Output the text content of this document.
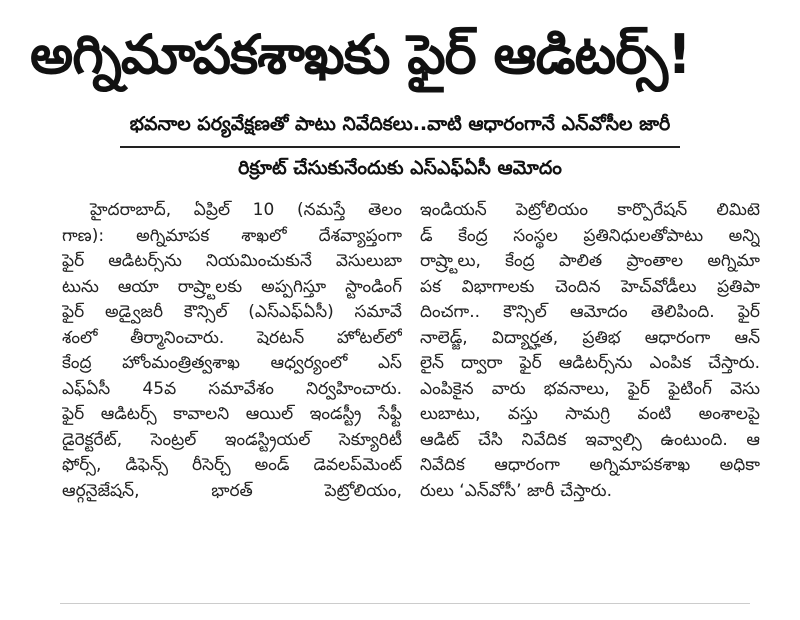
అగ్నిమాపకశాఖకు ఫైర్‌ ఆడిటర్స్‌!
భవనాల పర్యవేక్షణతో పాటు నివేదికలు..వాటి ఆధారంగానే ఎన్‌వోసీల జారీ
రిక్రూట్‌ చేసుకునేందుకు ఎస్‌ఎఫ్‌ఏసీ ఆమోదం
హైదరాబాద్‌, ఏప్రిల్‌ 10 (నమస్తే తెలం
గాణ): అగ్నిమాపక శాఖలో దేశవ్యాప్తంగా
ఫైర్‌ ఆడిటర్స్‌ను నియమించుకునే వెసులుబా
టును ఆయా రాష్ర్టాలకు అప్పగిస్తూ స్టాండింగ్‌
ఫైర్‌ అడ్వైజరీ కౌన్సిల్‌ (ఎస్‌ఎఫ్‌ఏసీ) సమావే
శంలో తీర్మానించారు. షెరటన్‌ హోటల్‌లో
కేంద్ర హోంమంత్రిత్వశాఖ ఆధ్వర్యంలో ఎస్‌
ఎఫ్‌ఏసీ 45వ సమావేశం నిర్వహించారు.
ఫైర్‌ ఆడిటర్స్‌ కావాలని ఆయిల్‌ ఇండస్ట్రీ సేఫ్టీ
డైరెక్టరేట్‌, సెంట్రల్‌ ఇండస్ట్రియల్‌ సెక్యూరిటీ
ఫోర్స్‌, డిఫెన్స్‌ రీసెర్చ్‌ అండ్‌ డెవలప్‌మెంట్‌
ఆర్గనైజేషన్‌, భారత్‌ పెట్రోలియం,
ఇండియన్‌ పెట్రోలియం కార్పొరేషన్‌ లిమిటె
డ్‌ కేంద్ర సంస్థల ప్రతినిధులతోపాటు అన్ని
రాష్ర్టాలు, కేంద్ర పాలిత ప్రాంతాల అగ్నిమా
పక విభాగాలకు చెందిన హెచ్‌వోడీలు ప్రతిపా
దించగా.. కౌన్సిల్‌ ఆమోదం తెలిపింది. ఫైర్‌
నాలెడ్జ్‌, విద్యార్హత, ప్రతిభ ఆధారంగా ఆన్‌
లైన్‌ ద్వారా ఫైర్‌ ఆడిటర్స్‌ను ఎంపిక చేస్తారు.
ఎంపికైన వారు భవనాలు, ఫైర్‌ ఫైటింగ్‌ వెసు
లుబాటు, వస్తు సామగ్రి వంటి అంశాలపై
ఆడిట్‌ చేసి నివేదిక ఇవ్వాల్సి ఉంటుంది. ఆ
నివేదిక ఆధారంగా అగ్నిమాపకశాఖ అధికా
రులు ‘ఎన్‌వోసీ’ జారీ చేస్తారు.
